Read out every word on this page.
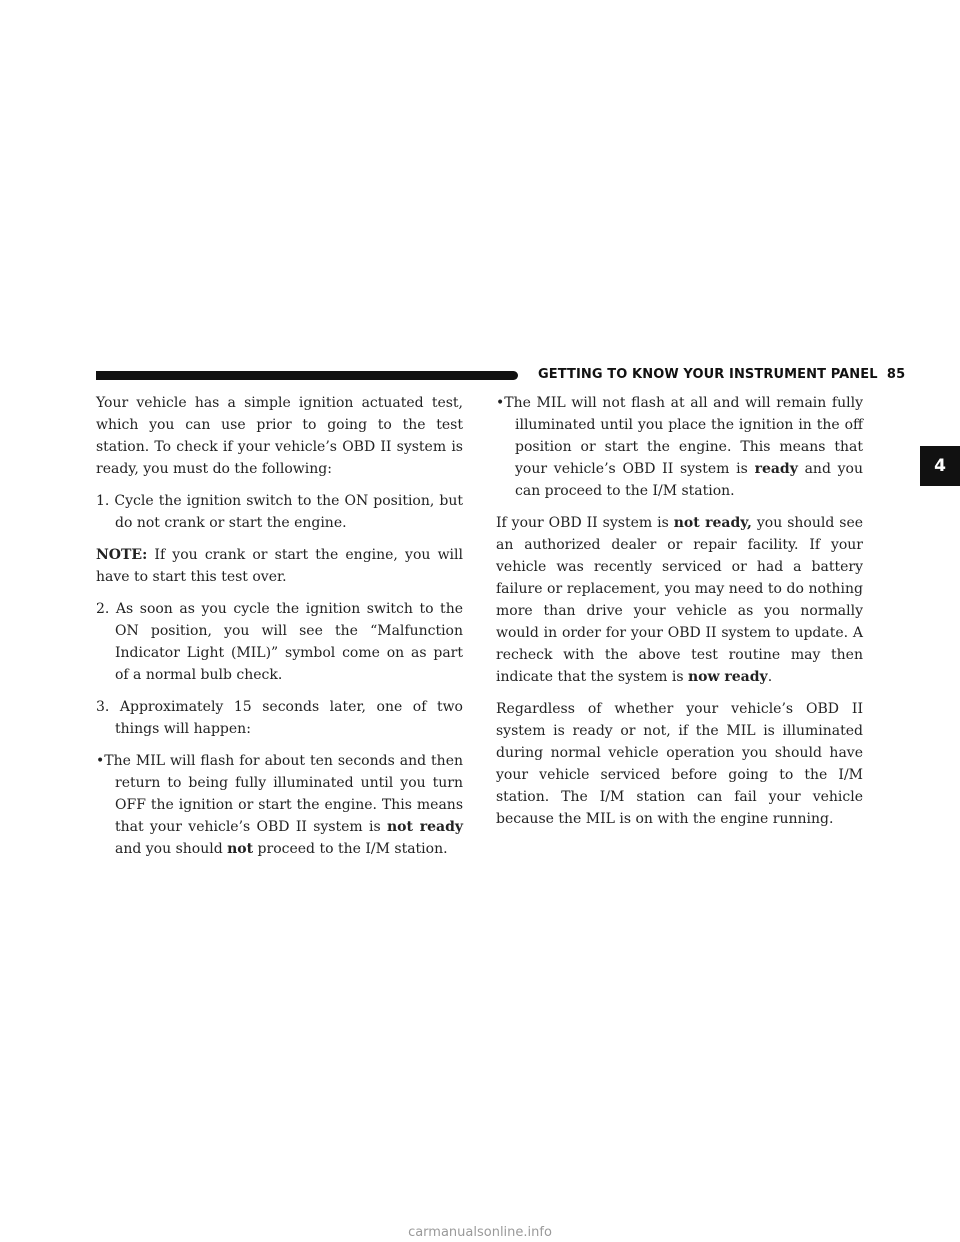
GETTING TO KNOW YOUR INSTRUMENT PANEL 85
4

Your vehicle has a simple ignition actuated test, which you can use prior to going to the test station. To check if your vehicle’s OBD II system is ready, you must do the following:

1. Cycle the ignition switch to the ON position, but do not crank or start the engine.

NOTE: If you crank or start the engine, you will have to start this test over.

2. As soon as you cycle the ignition switch to the ON position, you will see the “Malfunction Indicator Light (MIL)” symbol come on as part of a normal bulb check.

3. Approximately 15 seconds later, one of two things will happen:

•The MIL will flash for about ten seconds and then return to being fully illuminated until you turn OFF the ignition or start the engine. This means that your vehicle’s OBD II system is not ready and you should not proceed to the I/M station.

•The MIL will not flash at all and will remain fully illuminated until you place the ignition in the off position or start the engine. This means that your vehicle’s OBD II system is ready and you can proceed to the I/M station.

If your OBD II system is not ready, you should see an authorized dealer or repair facility. If your vehicle was recently serviced or had a battery failure or replacement, you may need to do nothing more than drive your vehicle as you normally would in order for your OBD II system to update. A recheck with the above test routine may then indicate that the system is now ready.

Regardless of whether your vehicle’s OBD II system is ready or not, if the MIL is illuminated during normal vehicle operation you should have your vehicle serviced before going to the I/M station. The I/M station can fail your vehicle because the MIL is on with the engine running.

carmanualsonline.info
